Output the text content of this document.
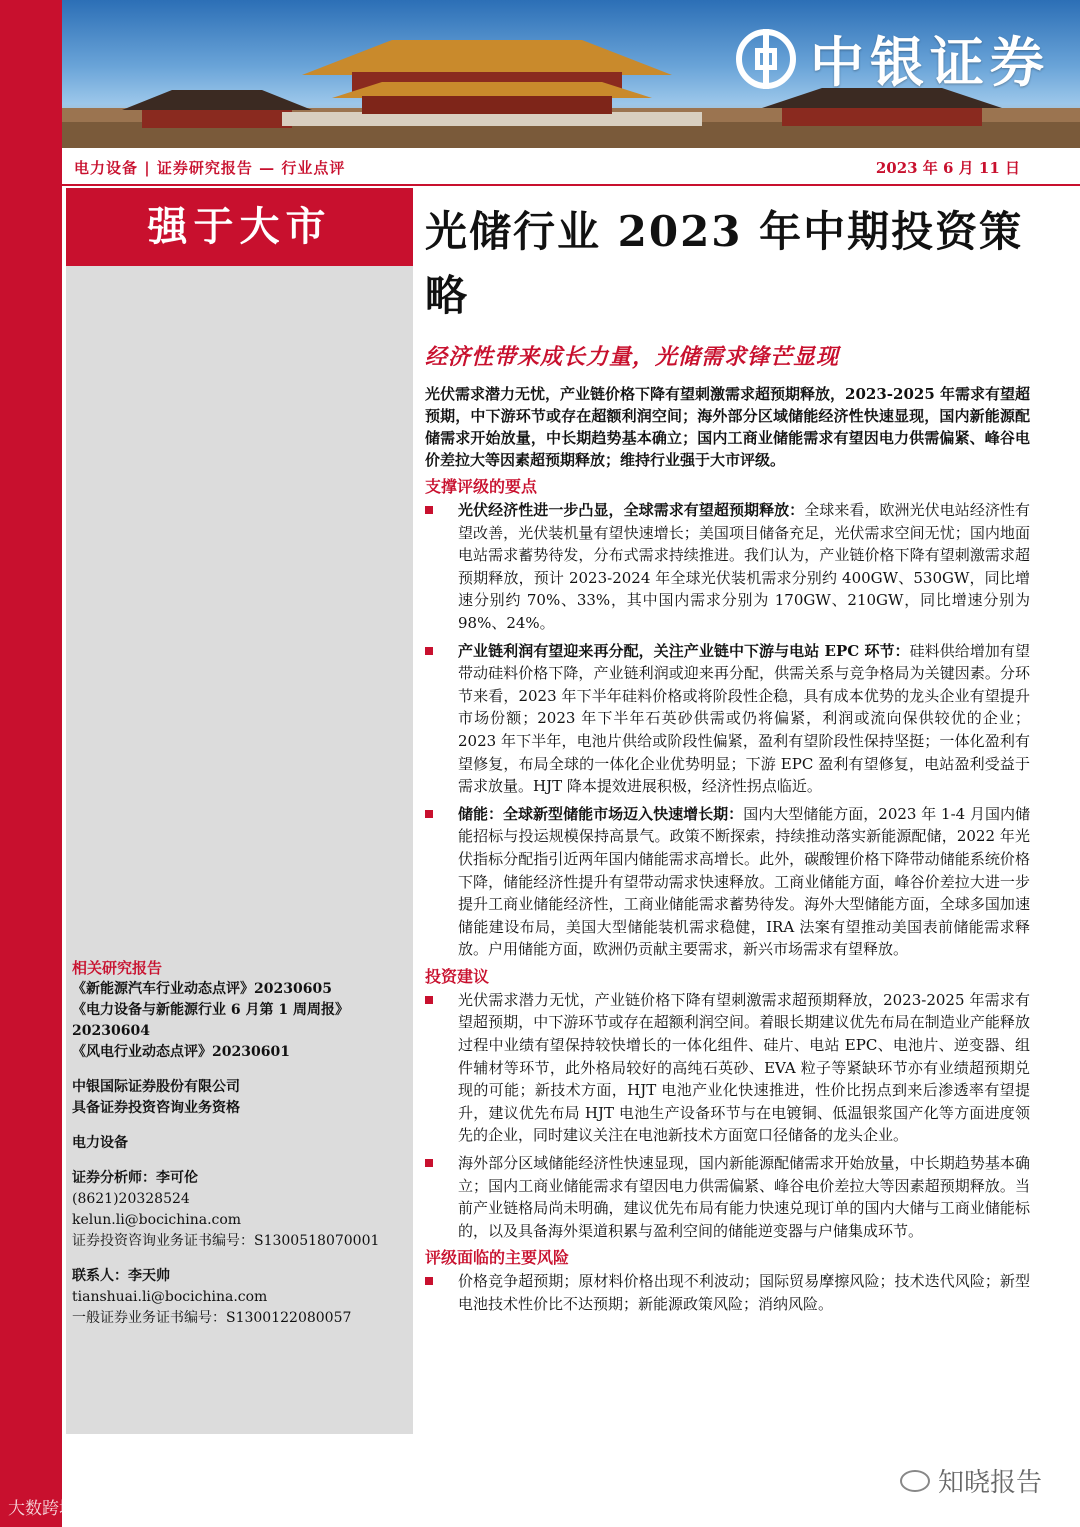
中银证券
电力设备 | 证券研究报告 — 行业点评	2023 年 6 月 11 日
强于大市
相关研究报告
《新能源汽车行业动态点评》20230605
《电力设备与新能源行业 6 月第 1 周周报》20230604
《风电行业动态点评》20230601
中银国际证券股份有限公司
具备证券投资咨询业务资格
电力设备
证券分析师：李可伦
(8621)20328524
kelun.li@bocichina.com
证券投资咨询业务证书编号：S1300518070001
联系人：李天帅
tianshuai.li@bocichina.com
一般证券业务证书编号：S1300122080057
光储行业 2023 年中期投资策略
经济性带来成长力量，光储需求锋芒显现
光伏需求潜力无忧，产业链价格下降有望刺激需求超预期释放，2023-2025 年需求有望超预期，中下游环节或存在超额利润空间；海外部分区域储能经济性快速显现，国内新能源配储需求开始放量，中长期趋势基本确立；国内工商业储能需求有望因电力供需偏紧、峰谷电价差拉大等因素超预期释放；维持行业强于大市评级。
支撑评级的要点
光伏经济性进一步凸显，全球需求有望超预期释放：全球来看，欧洲光伏电站经济性有望改善，光伏装机量有望快速增长；美国项目储备充足，光伏需求空间无忧；国内地面电站需求蓄势待发，分布式需求持续推进。我们认为，产业链价格下降有望刺激需求超预期释放，预计 2023-2024 年全球光伏装机需求分别约 400GW、530GW，同比增速分别约 70%、33%，其中国内需求分别为 170GW、210GW，同比增速分别为 98%、24%。
产业链利润有望迎来再分配，关注产业链中下游与电站 EPC 环节：硅料供给增加有望带动硅料价格下降，产业链利润或迎来再分配，供需关系与竞争格局为关键因素。分环节来看，2023 年下半年硅料价格或将阶段性企稳，具有成本优势的龙头企业有望提升市场份额；2023 年下半年石英砂供需或仍将偏紧，利润或流向保供较优的企业；2023 年下半年，电池片供给或阶段性偏紧，盈利有望阶段性保持坚挺；一体化盈利有望修复，布局全球的一体化企业优势明显；下游 EPC 盈利有望修复，电站盈利受益于需求放量。HJT 降本提效进展积极，经济性拐点临近。
储能：全球新型储能市场迈入快速增长期：国内大型储能方面，2023 年 1-4 月国内储能招标与投运规模保持高景气。政策不断探索，持续推动落实新能源配储，2022 年光伏指标分配指引近两年国内储能需求高增长。此外，碳酸锂价格下降带动储能系统价格下降，储能经济性提升有望带动需求快速释放。工商业储能方面，峰谷价差拉大进一步提升工商业储能经济性，工商业储能需求蓄势待发。海外大型储能方面，全球多国加速储能建设布局，美国大型储能装机需求稳健，IRA 法案有望推动美国表前储能需求释放。户用储能方面，欧洲仍贡献主要需求，新兴市场需求有望释放。
投资建议
光伏需求潜力无忧，产业链价格下降有望刺激需求超预期释放，2023-2025 年需求有望超预期，中下游环节或存在超额利润空间。着眼长期建议优先布局在制造业产能释放过程中业绩有望保持较快增长的一体化组件、硅片、电站 EPC、电池片、逆变器、组件辅材等环节，此外格局较好的高纯石英砂、EVA 粒子等紧缺环节亦有业绩超预期兑现的可能；新技术方面，HJT 电池产业化快速推进，性价比拐点到来后渗透率有望提升，建议优先布局 HJT 电池生产设备环节与在电镀铜、低温银浆国产化等方面进度领先的企业，同时建议关注在电池新技术方面宽口径储备的龙头企业。
海外部分区域储能经济性快速显现，国内新能源配储需求开始放量，中长期趋势基本确立；国内工商业储能需求有望因电力供需偏紧、峰谷电价差拉大等因素超预期释放。当前产业链格局尚未明确，建议优先布局有能力快速兑现订单的国内大储与工商业储能标的，以及具备海外渠道积累与盈利空间的储能逆变器与户储集成环节。
评级面临的主要风险
价格竞争超预期；原材料价格出现不利波动；国际贸易摩擦风险；技术迭代风险；新型电池技术性价比不达预期；新能源政策风险；消纳风险。
知晓报告
大数跨境
